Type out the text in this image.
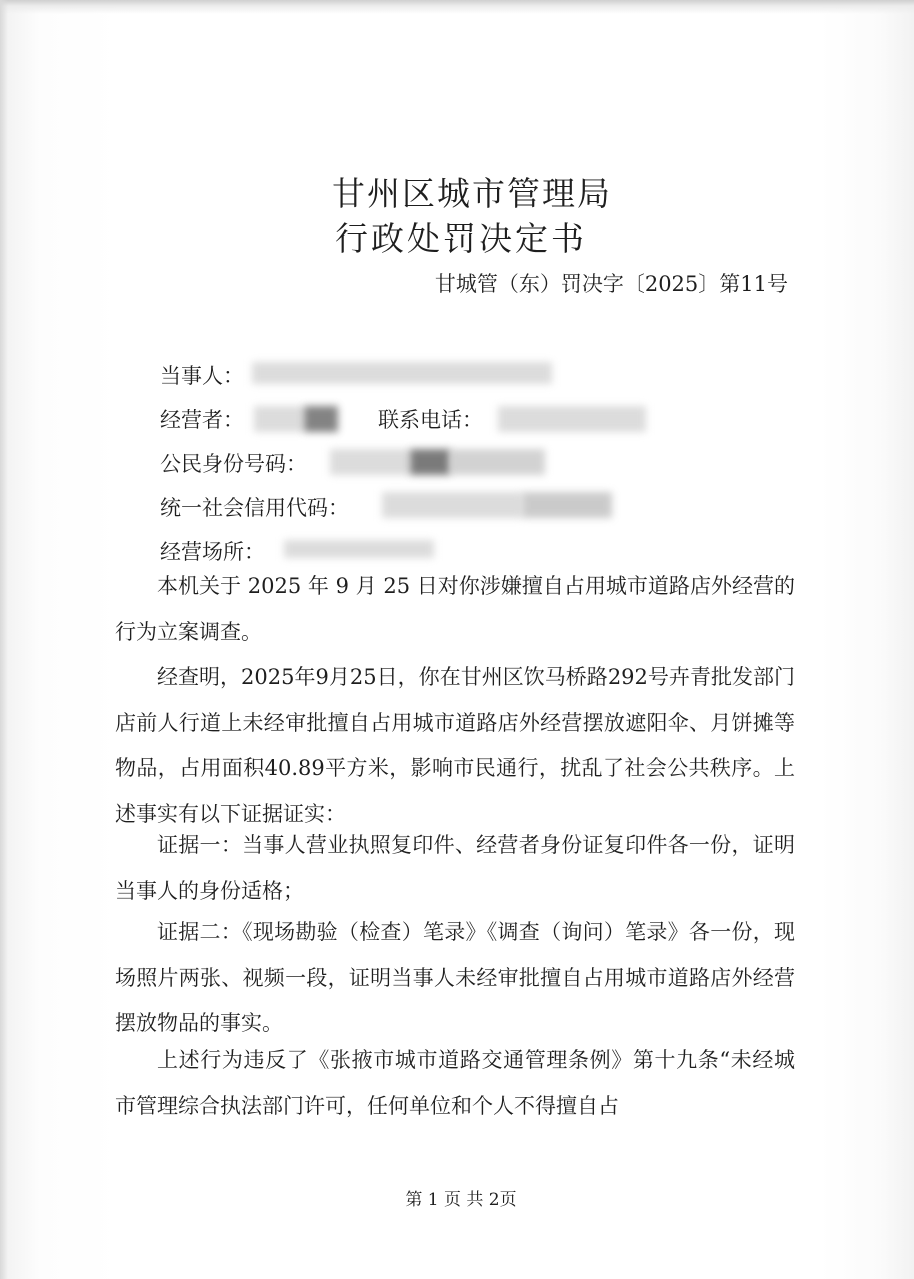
甘州区城市管理局
行政处罚决定书
甘城管（东）罚决字〔2025〕第11号
当事人：
经营者：	联系电话：
公民身份号码：
统一社会信用代码：
经营场所：
本机关于 2025 年 9 月 25 日对你涉嫌擅自占用城市道路店外经营的行为立案调查。
经查明，2025年9月25日，你在甘州区饮马桥路292号卉青批发部门店前人行道上未经审批擅自占用城市道路店外经营摆放遮阳伞、月饼摊等物品，占用面积40.89平方米，影响市民通行，扰乱了社会公共秩序。上述事实有以下证据证实：
证据一：当事人营业执照复印件、经营者身份证复印件各一份，证明当事人的身份适格；
证据二：《现场勘验（检查）笔录》《调查（询问）笔录》各一份，现场照片两张、视频一段，证明当事人未经审批擅自占用城市道路店外经营摆放物品的事实。
上述行为违反了《张掖市城市道路交通管理条例》第十九条“未经城市管理综合执法部门许可，任何单位和个人不得擅自占
第 1 页 共 2页
